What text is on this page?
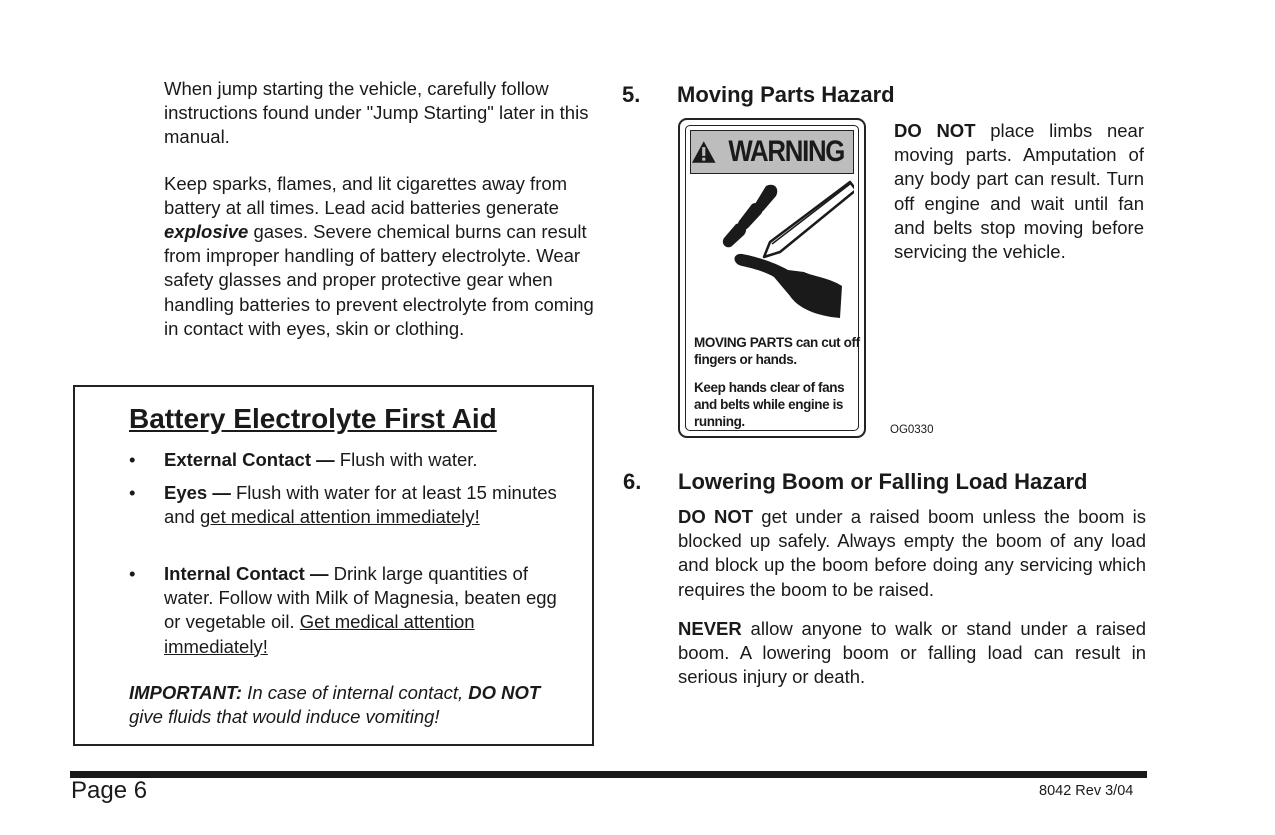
When jump starting the vehicle, carefully follow instructions found under "Jump Starting" later in this manual.

Keep sparks, flames, and lit cigarettes away from battery at all times. Lead acid batteries generate explosive gases. Severe chemical burns can result from improper handling of battery electrolyte. Wear safety glasses and proper protective gear when handling batteries to prevent electrolyte from coming in contact with eyes, skin or clothing.

Battery Electrolyte First Aid
• External Contact — Flush with water.
• Eyes — Flush with water for at least 15 minutes and get medical attention immediately!
• Internal Contact — Drink large quantities of water. Follow with Milk of Magnesia, beaten egg or vegetable oil. Get medical attention immediately!
IMPORTANT: In case of internal contact, DO NOT give fluids that would induce vomiting!
5. Moving Parts Hazard
WARNING
MOVING PARTS can cut off fingers or hands.
Keep hands clear of fans and belts while engine is running.
OG0330
DO NOT place limbs near moving parts. Amputation of any body part can result. Turn off engine and wait until fan and belts stop moving before servicing the vehicle.
6. Lowering Boom or Falling Load Hazard

DO NOT get under a raised boom unless the boom is blocked up safely. Always empty the boom of any load and block up the boom before doing any servicing which requires the boom to be raised.

NEVER allow anyone to walk or stand under a raised boom. A lowering boom or falling load can result in serious injury or death.

Page 6	8042 Rev 3/04
